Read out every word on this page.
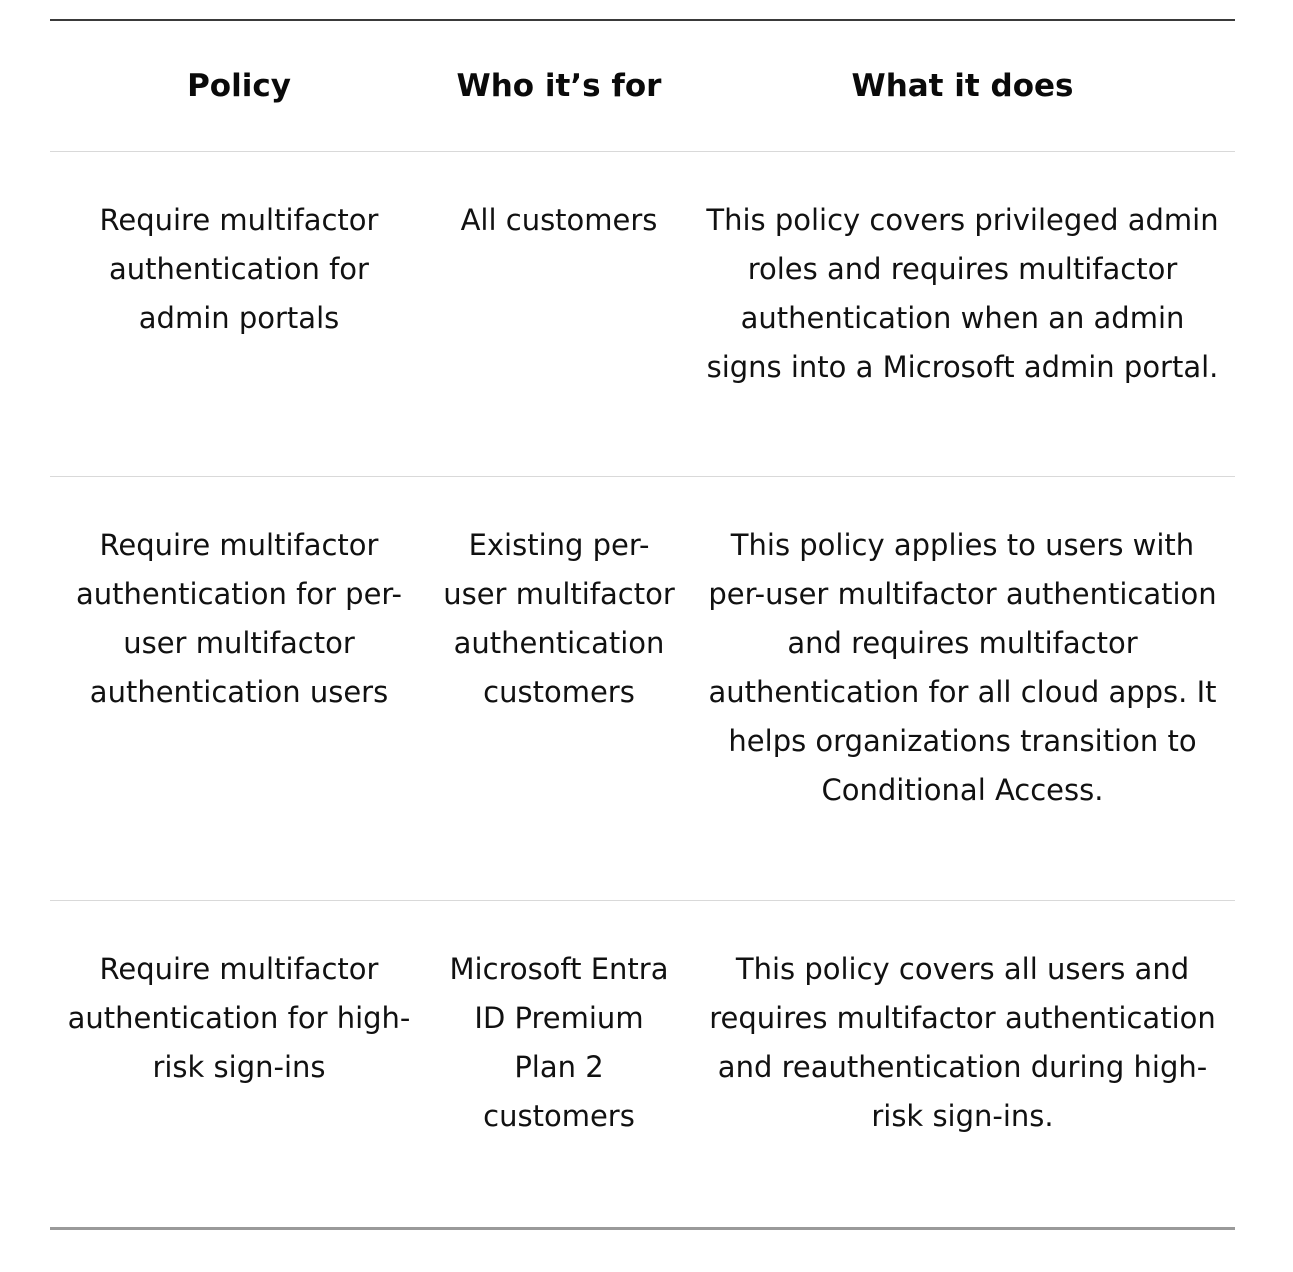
Policy	Who it’s for	What it does
Require multifactor authentication for admin portals	All customers	This policy covers privileged admin roles and requires multifactor authentication when an admin signs into a Microsoft admin portal.
Require multifactor authentication for per-user multifactor authentication users	Existing per-user multifactor authentication customers	This policy applies to users with per-user multifactor authentication and requires multifactor authentication for all cloud apps. It helps organizations transition to Conditional Access.
Require multifactor authentication for high-risk sign-ins	Microsoft Entra ID Premium Plan 2 customers	This policy covers all users and requires multifactor authentication and reauthentication during high-risk sign-ins.
